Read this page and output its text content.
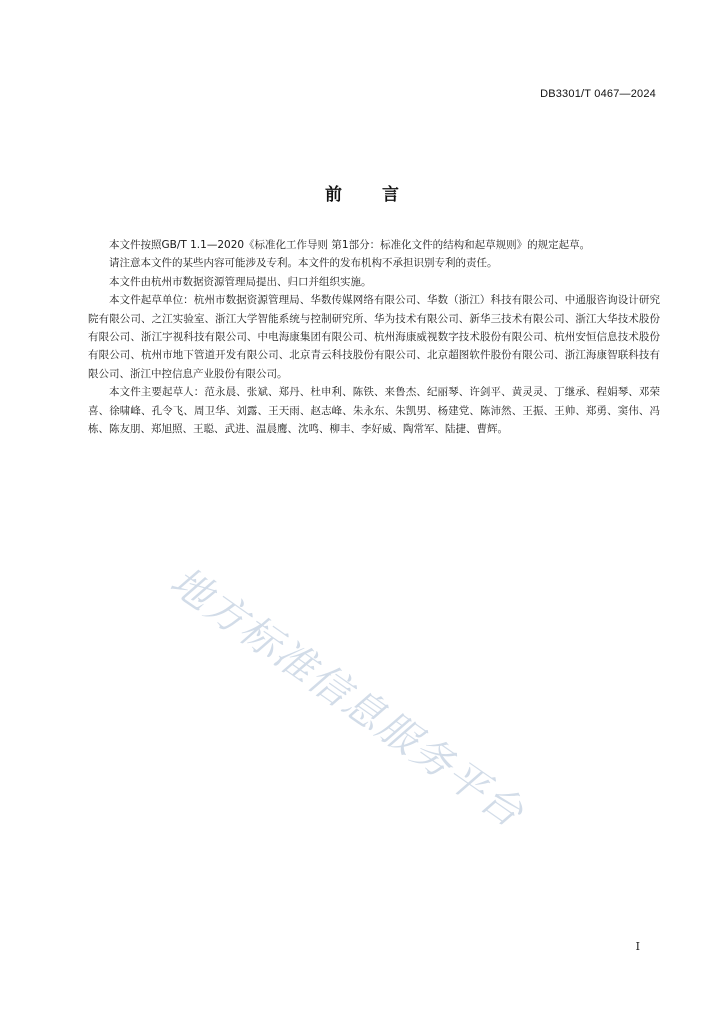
DB3301/T 0467—2024
前 言

本文件按照GB/T 1.1—2020《标准化工作导则 第1部分：标准化文件的结构和起草规则》的规定起草。

请注意本文件的某些内容可能涉及专利。本文件的发布机构不承担识别专利的责任。

本文件由杭州市数据资源管理局提出、归口并组织实施。

本文件起草单位：杭州市数据资源管理局、华数传媒网络有限公司、华数（浙江）科技有限公司、中通服咨询设计研究院有限公司、之江实验室、浙江大学智能系统与控制研究所、华为技术有限公司、新华三技术有限公司、浙江大华技术股份有限公司、浙江宇视科技有限公司、中电海康集团有限公司、杭州海康威视数字技术股份有限公司、杭州安恒信息技术股份有限公司、杭州市地下管道开发有限公司、北京青云科技股份有限公司、北京超图软件股份有限公司、浙江海康智联科技有限公司、浙江中控信息产业股份有限公司。

本文件主要起草人：范永晨、张斌、郑丹、杜申利、陈铁、来鲁杰、纪丽琴、许剑平、黄灵灵、丁继承、程娟琴、邓荣喜、徐啸峰、孔令飞、周卫华、刘露、王天雨、赵志峰、朱永东、朱凯男、杨建党、陈沛然、王振、王帅、郑勇、窦伟、冯栋、陈友朋、郑旭照、王聪、武进、温晨鹰、沈鸣、柳丰、李好威、陶常军、陆捷、曹辉。

地方标准信息服务平台
I
